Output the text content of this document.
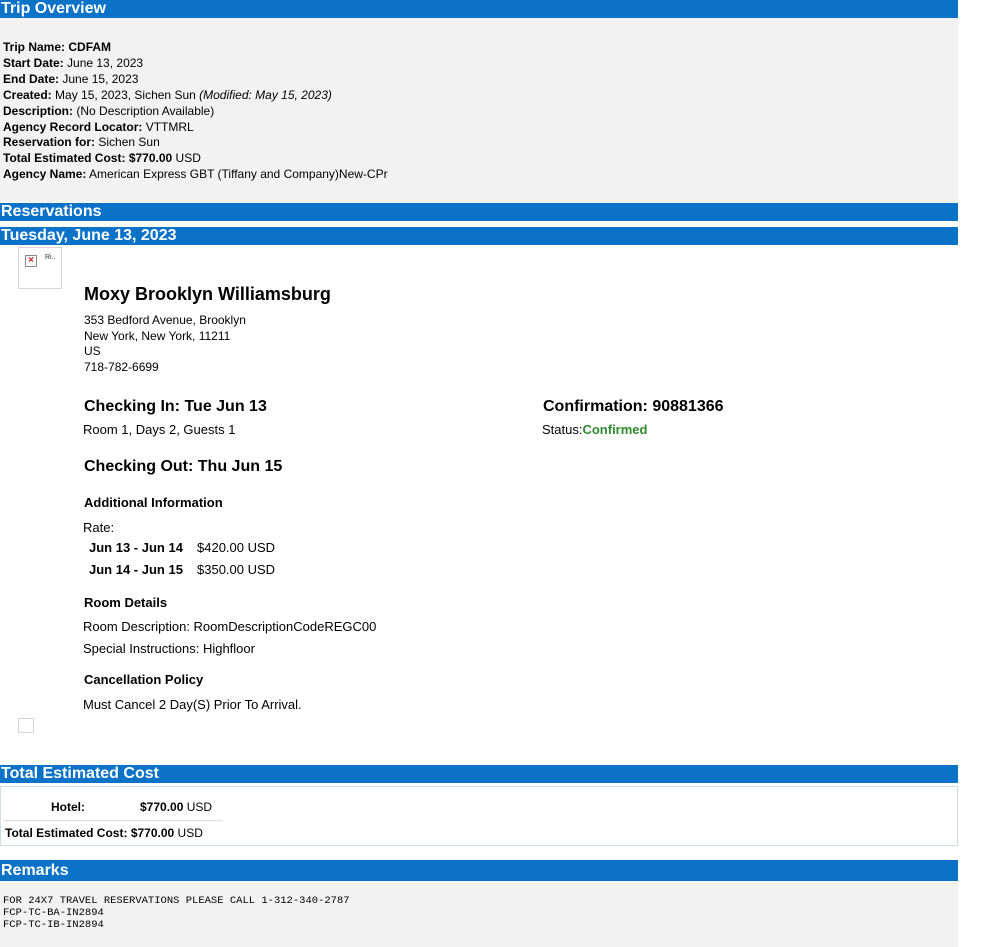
Trip Overview
Trip Name: CDFAM
Start Date: June 13, 2023
End Date: June 15, 2023
Created: May 15, 2023, Sichen Sun (Modified: May 15, 2023)
Description: (No Description Available)
Agency Record Locator: VTTMRL
Reservation for: Sichen Sun
Total Estimated Cost: $770.00 USD
Agency Name: American Express GBT (Tiffany and Company)New-CPr
Reservations
Tuesday, June 13, 2023
×	Ri..
Moxy Brooklyn Williamsburg
353 Bedford Avenue, Brooklyn
New York, New York, 11211
US
718-782-6699
Checking In: Tue Jun 13
Room 1, Days 2, Guests 1
Confirmation: 90881366
Status:Confirmed
Checking Out: Thu Jun 15
Additional Information
Rate:
Jun 13 - Jun 14 $420.00 USD
Jun 14 - Jun 15 $350.00 USD
Room Details
Room Description: RoomDescriptionCodeREGC00
Special Instructions: Highfloor
Cancellation Policy
Must Cancel 2 Day(S) Prior To Arrival.
Total Estimated Cost
Hotel:	$770.00 USD
Total Estimated Cost: $770.00 USD
Remarks
FOR 24X7 TRAVEL RESERVATIONS PLEASE CALL 1-312-340-2787
FCP-TC-BA-IN2894
FCP-TC-IB-IN2894
